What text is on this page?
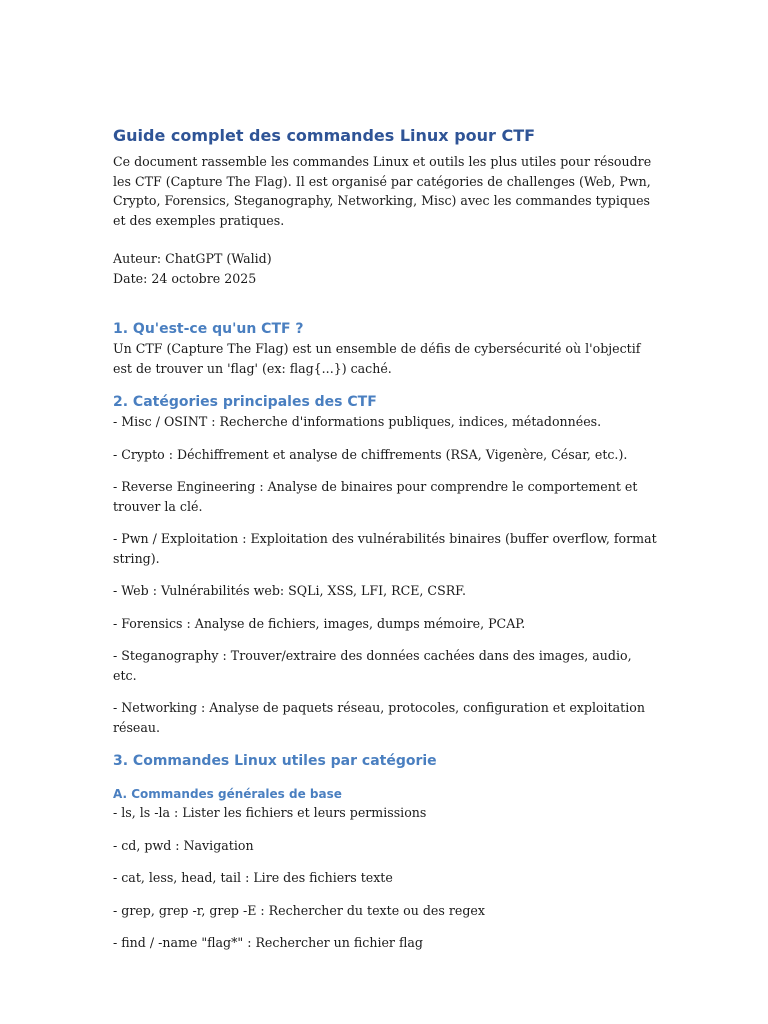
Guide complet des commandes Linux pour CTF

Ce document rassemble les commandes Linux et outils les plus utiles pour résoudre les CTF (Capture The Flag). Il est organisé par catégories de challenges (Web, Pwn, Crypto, Forensics, Steganography, Networking, Misc) avec les commandes typiques et des exemples pratiques.

Auteur: ChatGPT (Walid)

Date: 24 octobre 2025

1. Qu'est-ce qu'un CTF ?

Un CTF (Capture The Flag) est un ensemble de défis de cybersécurité où l'objectif est de trouver un 'flag' (ex: flag{...}) caché.

2. Catégories principales des CTF

- Misc / OSINT : Recherche d'informations publiques, indices, métadonnées.

- Crypto : Déchiffrement et analyse de chiffrements (RSA, Vigenère, César, etc.).

- Reverse Engineering : Analyse de binaires pour comprendre le comportement et trouver la clé.

- Pwn / Exploitation : Exploitation des vulnérabilités binaires (buffer overflow, format string).

- Web : Vulnérabilités web: SQLi, XSS, LFI, RCE, CSRF.

- Forensics : Analyse de fichiers, images, dumps mémoire, PCAP.

- Steganography : Trouver/extraire des données cachées dans des images, audio, etc.

- Networking : Analyse de paquets réseau, protocoles, configuration et exploitation réseau.

3. Commandes Linux utiles par catégorie
A. Commandes générales de base

- ls, ls -la : Lister les fichiers et leurs permissions

- cd, pwd : Navigation

- cat, less, head, tail : Lire des fichiers texte

- grep, grep -r, grep -E : Rechercher du texte ou des regex

- find / -name "flag*" : Rechercher un fichier flag
